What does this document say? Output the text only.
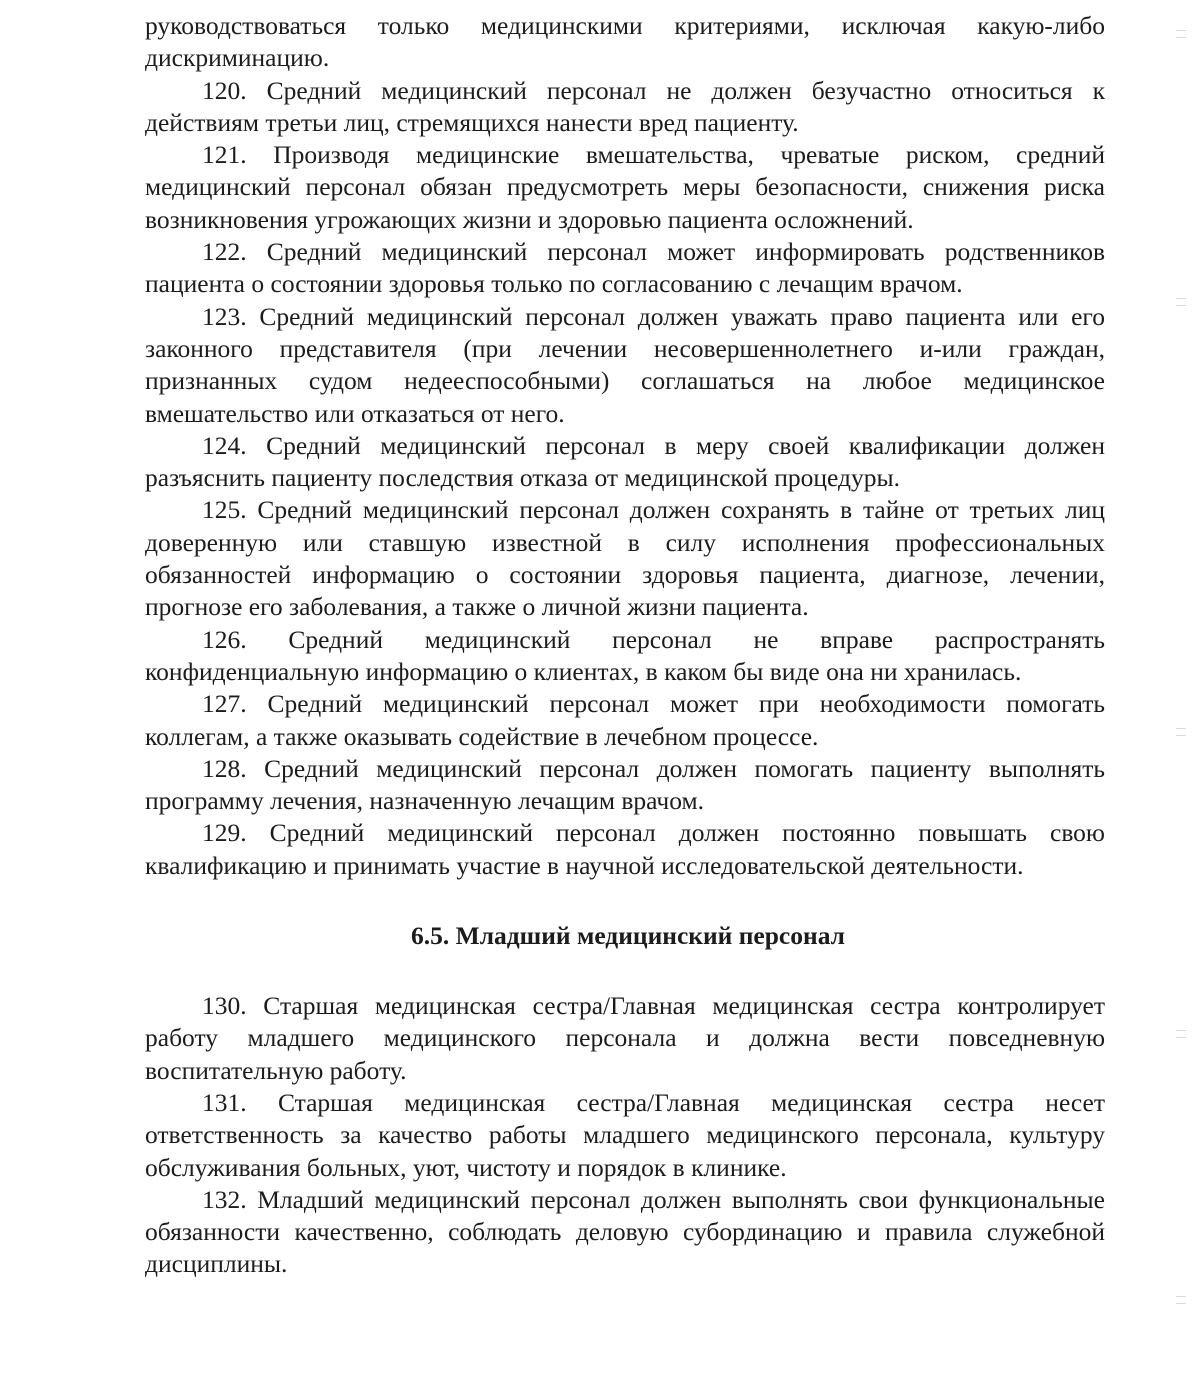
руководствоваться только медицинскими критериями, исключая какую-либо дискриминацию.

120. Средний медицинский персонал не должен безучастно относиться к действиям третьи лиц, стремящихся нанести вред пациенту.

121. Производя медицинские вмешательства, чреватые риском, средний медицинский персонал обязан предусмотреть меры безопасности, снижения риска возникновения угрожающих жизни и здоровью пациента осложнений.

122. Средний медицинский персонал может информировать родственников пациента о состоянии здоровья только по согласованию с лечащим врачом.

123. Средний медицинский персонал должен уважать право пациента или его законного представителя (при лечении несовершеннолетнего и-или граждан, признанных судом недееспособными) соглашаться на любое медицинское вмешательство или отказаться от него.

124. Средний медицинский персонал в меру своей квалификации должен разъяснить пациенту последствия отказа от медицинской процедуры.

125. Средний медицинский персонал должен сохранять в тайне от третьих лиц доверенную или ставшую известной в силу исполнения профессиональных обязанностей информацию о состоянии здоровья пациента, диагнозе, лечении, прогнозе его заболевания, а также о личной жизни пациента.

126. Средний медицинский персонал не вправе распространять конфиденциальную информацию о клиентах, в каком бы виде она ни хранилась.

127. Средний медицинский персонал может при необходимости помогать коллегам, а также оказывать содействие в лечебном процессе.

128. Средний медицинский персонал должен помогать пациенту выполнять программу лечения, назначенную лечащим врачом.

129. Средний медицинский персонал должен постоянно повышать свою квалификацию и принимать участие в научной исследовательской деятельности.

6.5. Младший медицинский персонал

130. Старшая медицинская сестра/Главная медицинская сестра контролирует работу младшего медицинского персонала и должна вести повседневную воспитательную работу.

131. Старшая медицинская сестра/Главная медицинская сестра несет ответственность за качество работы младшего медицинского персонала, культуру обслуживания больных, уют, чистоту и порядок в клинике.

132. Младший медицинский персонал должен выполнять свои функциональные обязанности качественно, соблюдать деловую субординацию и правила служебной дисциплины.
